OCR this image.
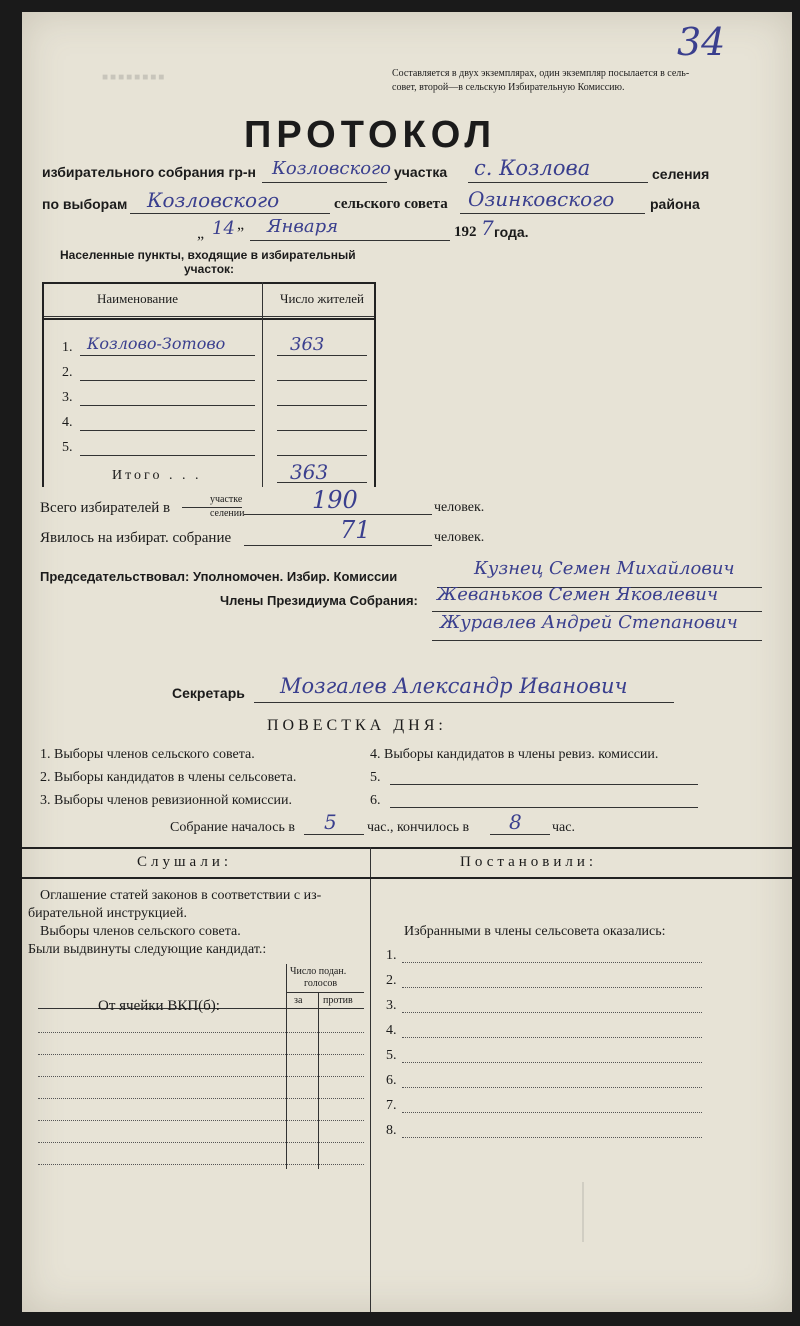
34
■■■■■■■■	Составляется в двух экземплярах, один экземпляр посылается в сель-
совет, второй—в сельскую Избирательную Комиссию.
ПРОТОКОЛ
избирательного собрания гр-н Козловского участка с. Козлова	селения
по выборам Козловского	сельского совета Озинковского	района
„ 14 ” Января	192 7 года.
Населенные пункты, входящие в избирательный
участок:
Наименование	Число жителей
1. Козлово-Зотово	363
2.
3.
4.
5.
Итого . . .	363
Всего избирателей в
участке
селении	190	человек.
Явилось на избират. собрание	71	человек.
Председательствовал: Уполномочен. Избир. Комиссии	Кузнец Семен Михайлович
Члены Президиума Собрания: Жеваньков Семен Яковлевич
Журавлев Андрей Степанович
Секретарь Мозгалев Александр Иванович
ПОВЕСТКА ДНЯ:
1. Выборы членов сельского совета.
2. Выборы кандидатов в члены сельсовета.
3. Выборы членов ревизионной комиссии.
4. Выборы кандидатов в члены ревиз. комиссии.
5.
6.
Собрание началось в 5 час., кончилось в 8 час.
Слушали:	Постановили:
Оглашение статей законов в соответствии с из-
бирательной инструкцией.
Выборы членов сельского совета.
Были выдвинуты следующие кандидат.:
Число подан.
голосов
за против
От ячейки ВКП(б):
Избранными в члены сельсовета оказались:
1.
2.
3.
4.
5.
6.
7.
8.
